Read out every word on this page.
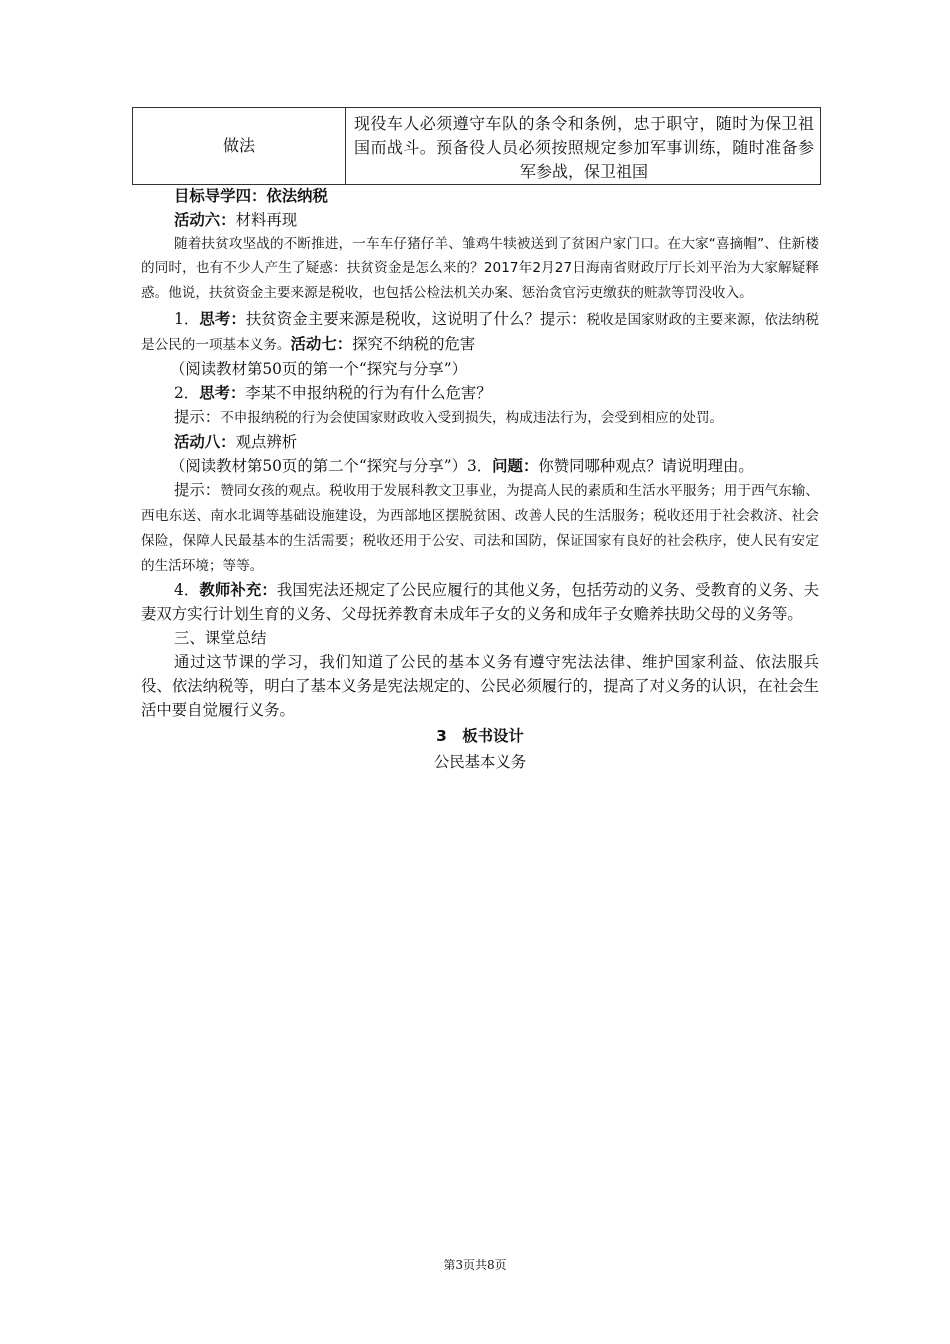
做法	现役车人必须遵守车队的条令和条例，忠于职守，随时为保卫祖国而战斗。预备役人员必须按照规定参加军事训练，随时准备参军参战，保卫祖国

目标导学四：依法纳税

活动六：材料再现

随着扶贫攻坚战的不断推进，一车车仔猪仔羊、雏鸡牛犊被送到了贫困户家门口。在大家“喜摘帽”、住新楼的同时，也有不少人产生了疑惑：扶贫资金是怎么来的？2017年2月27日海南省财政厅厅长刘平治为大家解疑释惑。他说，扶贫资金主要来源是税收，也包括公检法机关办案、惩治贪官污吏缴获的赃款等罚没收入。

1．思考：扶贫资金主要来源是税收，这说明了什么？提示：税收是国家财政的主要来源，依法纳税是公民的一项基本义务。活动七：探究不纳税的危害

（阅读教材第50页的第一个“探究与分享”）

2．思考：李某不申报纳税的行为有什么危害？

提示：不申报纳税的行为会使国家财政收入受到损失，构成违法行为，会受到相应的处罚。

活动八：观点辨析

（阅读教材第50页的第二个“探究与分享”）3．问题：你赞同哪种观点？请说明理由。

提示：赞同女孩的观点。税收用于发展科教文卫事业，为提高人民的素质和生活水平服务；用于西气东输、西电东送、南水北调等基础设施建设，为西部地区摆脱贫困、改善人民的生活服务；税收还用于社会救济、社会保险，保障人民最基本的生活需要；税收还用于公安、司法和国防，保证国家有良好的社会秩序，使人民有安定的生活环境；等等。

4．教师补充：我国宪法还规定了公民应履行的其他义务，包括劳动的义务、受教育的义务、夫妻双方实行计划生育的义务、父母抚养教育未成年子女的义务和成年子女赡养扶助父母的义务等。

三、课堂总结

通过这节课的学习，我们知道了公民的基本义务有遵守宪法法律、维护国家利益、依法服兵役、依法纳税等，明白了基本义务是宪法规定的、公民必须履行的，提高了对义务的认识，在社会生活中要自觉履行义务。

3　板书设计

公民基本义务

第3页共8页
